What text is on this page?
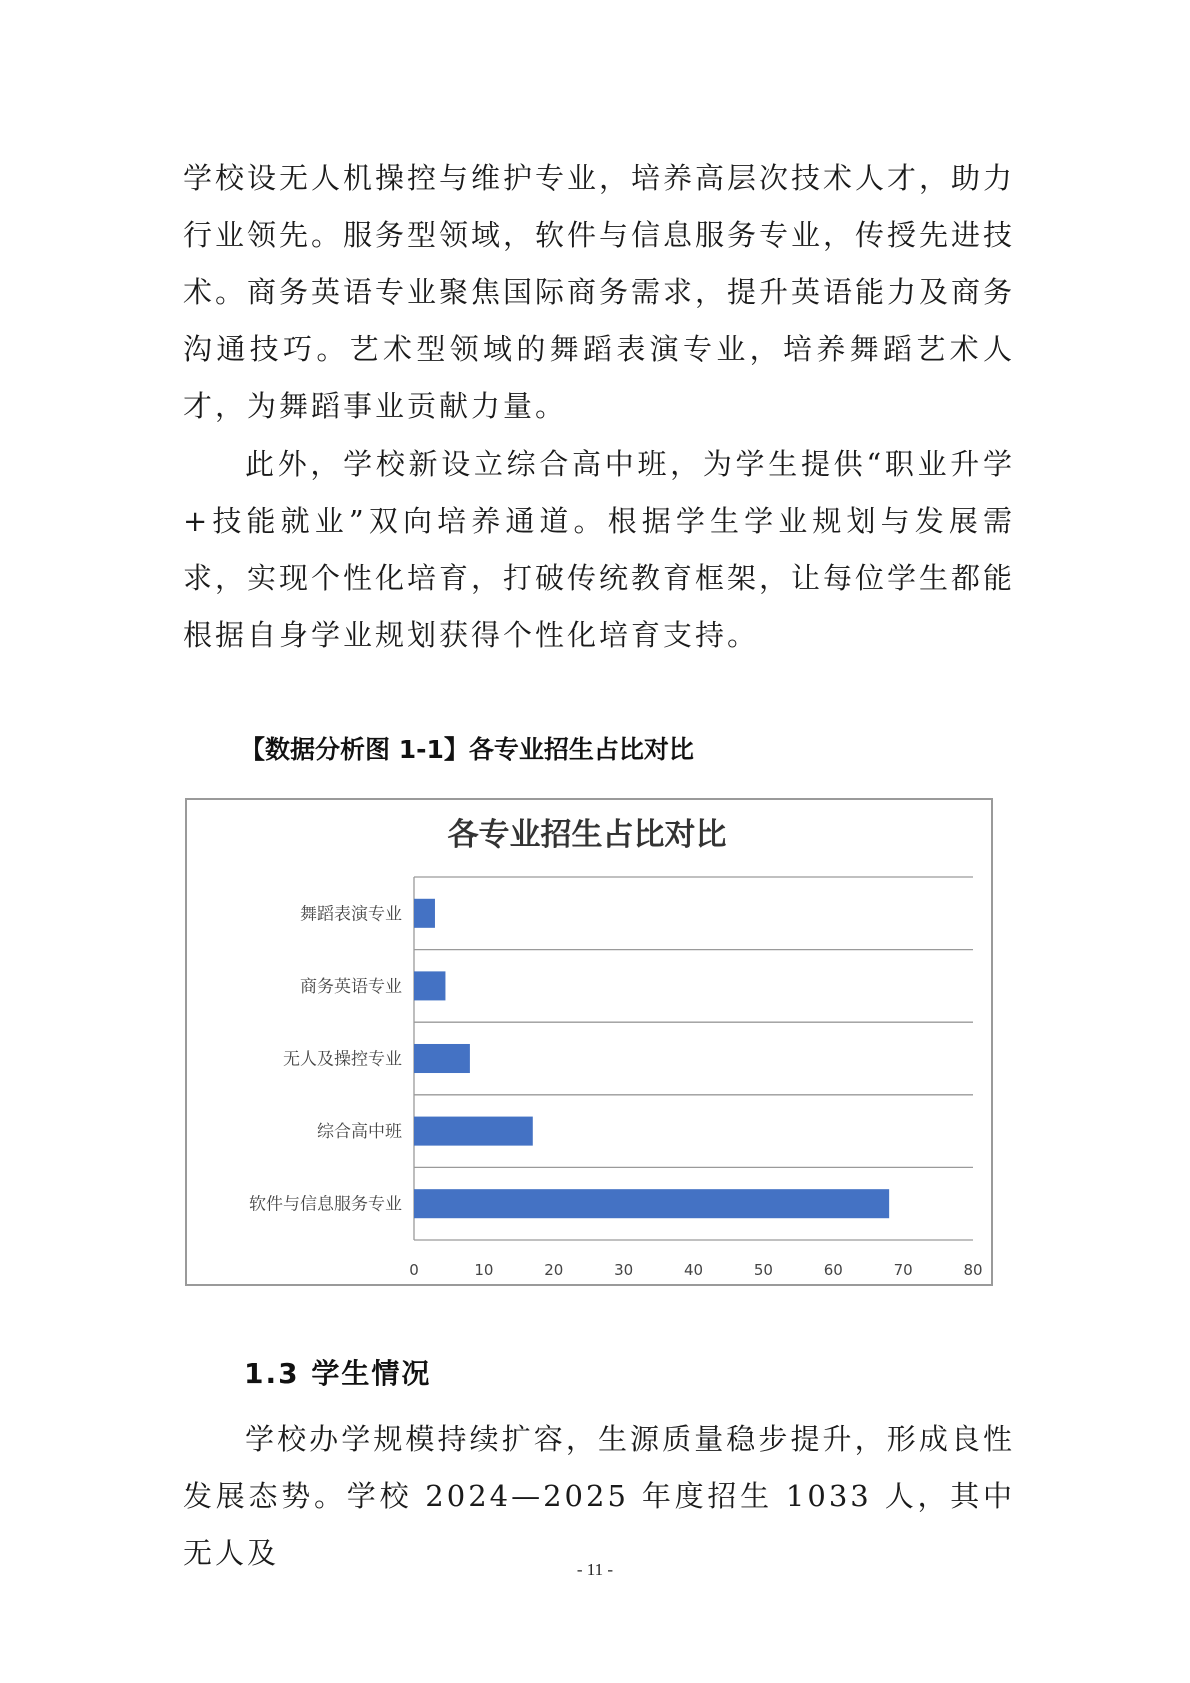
学校设无人机操控与维护专业，培养高层次技术人才，助力行业领先。服务型领域，软件与信息服务专业，传授先进技术。商务英语专业聚焦国际商务需求，提升英语能力及商务沟通技巧。艺术型领域的舞蹈表演专业，培养舞蹈艺术人才，为舞蹈事业贡献力量。

此外，学校新设立综合高中班，为学生提供“职业升学+技能就业”双向培养通道。根据学生学业规划与发展需求，实现个性化培育，打破传统教育框架，让每位学生都能根据自身学业规划获得个性化培育支持。

【数据分析图 1-1】各专业招生占比对比

各专业招生占比对比
舞蹈表演专业
商务英语专业
无人及操控专业
综合高中班
软件与信息服务专业
0	10	20	30	40	50	60	70	80
1.3 学生情况

学校办学规模持续扩容，生源质量稳步提升，形成良性发展态势。学校 2024—2025 年度招生 1033 人，其中无人及	- 11 -
